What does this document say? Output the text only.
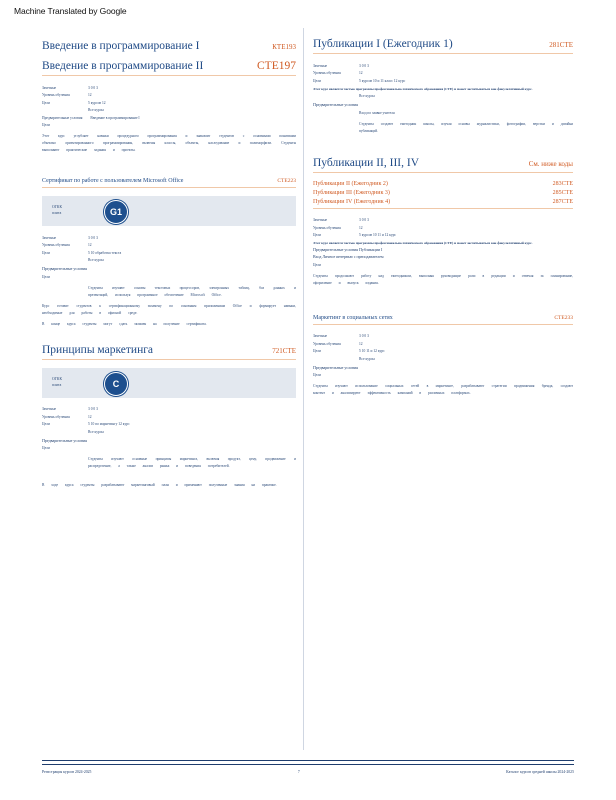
Machine Translated by Google
Введение в программирование I	КТЕ193
Введение в программирование II	CTE197
Зачетные	3 0 0 3
Уровень обучения	12
Цели	5 курсов 12
Все курсы
Предварительные условия Введение в программирование I
Цели

Этот курс углубляет навыки процедурного программирования и знакомит студентов с основными понятиями объектно ориентированного программирования, включая классы, объекты, наследование и полиморфизм. Студенты выполняют практические задания и проекты.

Сертификат по работе с пользователем Microsoft Office	CTE223
ОГКК
плита	G1
Зачетные	3 0 0 3
Уровень обучения	12
Цели	5 10 обработка текста
Все курсы
Предварительные условия
Цели

Студенты изучают основы текстовых процессоров, электронных таблиц, баз данных и презентаций, используя программное обеспечение Microsoft Office.

Курс готовит студентов к сертификационному экзамену по основным приложениям Office и формирует навыки, необходимые для работы в офисной среде.

В конце курса студенты могут сдать экзамен на получение сертификата.

Принципы маркетинга	721CTE
ОГКК
плита	C
Зачетные	3 0 0 3
Уровень обучения	12
Цели	5 10 по маркетингу 12 курс
Все курсы
Предварительные условия
Цели

Студенты изучают основные принципы маркетинга, включая продукт, цену, продвижение и распределение, а также анализ рынка и поведения потребителей.

В ходе курса студенты разрабатывают маркетинговый план и применяют полученные знания на практике.

Публикации I (Ежегодник 1)	281CTE
Зачетные	3 0 0 3
Уровень обучения	12
Цели	5 курсов 10 и 11 класс 12 курс
Этот курс является частью программы профессионально-технического образования (CTE) и может засчитываться как факультативный курс.
Все курсы
Предварительные условия
Вход по заявке учителя

Студенты создают ежегодник школы, изучая основы журналистики, фотографии, верстки и дизайна публикаций.

Публикации II, III, IV	См. ниже коды
Публикации II (Ежегодник 2)	283CTE
Публикации III (Ежегодник 3)	285CTE
Публикации IV (Ежегодник 4)	287CTE
Зачетные	3 0 0 3
Уровень обучения	12
Цели	5 курсов 10 11 и 12 курс
Этот курс является частью программы профессионально-технического образования (CTE) и может засчитываться как факультативный курс.
Предварительные условия Публикации I
Вход Личное интервью с преподавателем
Цели

Студенты продолжают работу над ежегодником, выполняя руководящие роли в редакции и отвечая за планирование, оформление и выпуск издания.

Маркетинг в социальных сетях	CTE233
Зачетные	3 0 0 3
Уровень обучения	12
Цели	5 10 11 и 12 курс
Все курсы
Предварительные условия
Цели

Студенты изучают использование социальных сетей в маркетинге, разрабатывают стратегии продвижения бренда, создают контент и анализируют эффективность кампаний в различных платформах.

Регистрация курсов 2024-2025	7	Каталог курсов средней школы 2024-2025
